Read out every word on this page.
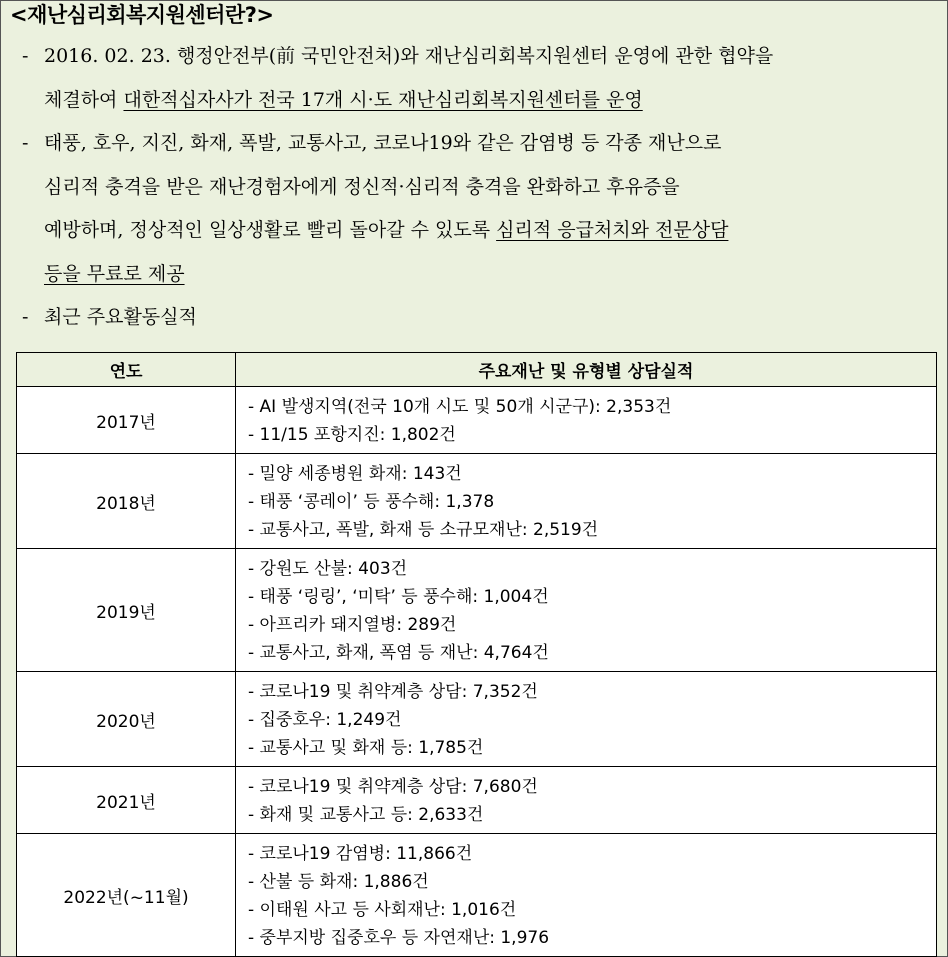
<재난심리회복지원센터란?>
- 2016. 02. 23. 행정안전부(前 국민안전처)와 재난심리회복지원센터 운영에 관한 협약을
체결하여 대한적십자사가 전국 17개 시·도 재난심리회복지원센터를 운영
- 태풍, 호우, 지진, 화재, 폭발, 교통사고, 코로나19와 같은 감염병 등 각종 재난으로
심리적 충격을 받은 재난경험자에게 정신적·심리적 충격을 완화하고 후유증을
예방하며, 정상적인 일상생활로 빨리 돌아갈 수 있도록 심리적 응급처치와 전문상담
등을 무료로 제공
- 최근 주요활동실적
연도	주요재난 및 유형별 상담실적
2017년	- AI 발생지역(전국 10개 시도 및 50개 시군구): 2,353건
- 11/15 포항지진: 1,802건

2018년	- 밀양 세종병원 화재: 143건
- 태풍 ‘콩레이’ 등 풍수해: 1,378
- 교통사고, 폭발, 화재 등 소규모재난: 2,519건

2019년	- 강원도 산불: 403건
- 태풍 ‘링링’, ‘미탁’ 등 풍수해: 1,004건
- 아프리카 돼지열병: 289건
- 교통사고, 화재, 폭염 등 재난: 4,764건

2020년	- 코로나19 및 취약계층 상담: 7,352건
- 집중호우: 1,249건
- 교통사고 및 화재 등: 1,785건

2021년	- 코로나19 및 취약계층 상담: 7,680건
- 화재 및 교통사고 등: 2,633건

2022년(~11월)	- 코로나19 감염병: 11,866건
- 산불 등 화재: 1,886건
- 이태원 사고 등 사회재난: 1,016건
- 중부지방 집중호우 등 자연재난: 1,976
